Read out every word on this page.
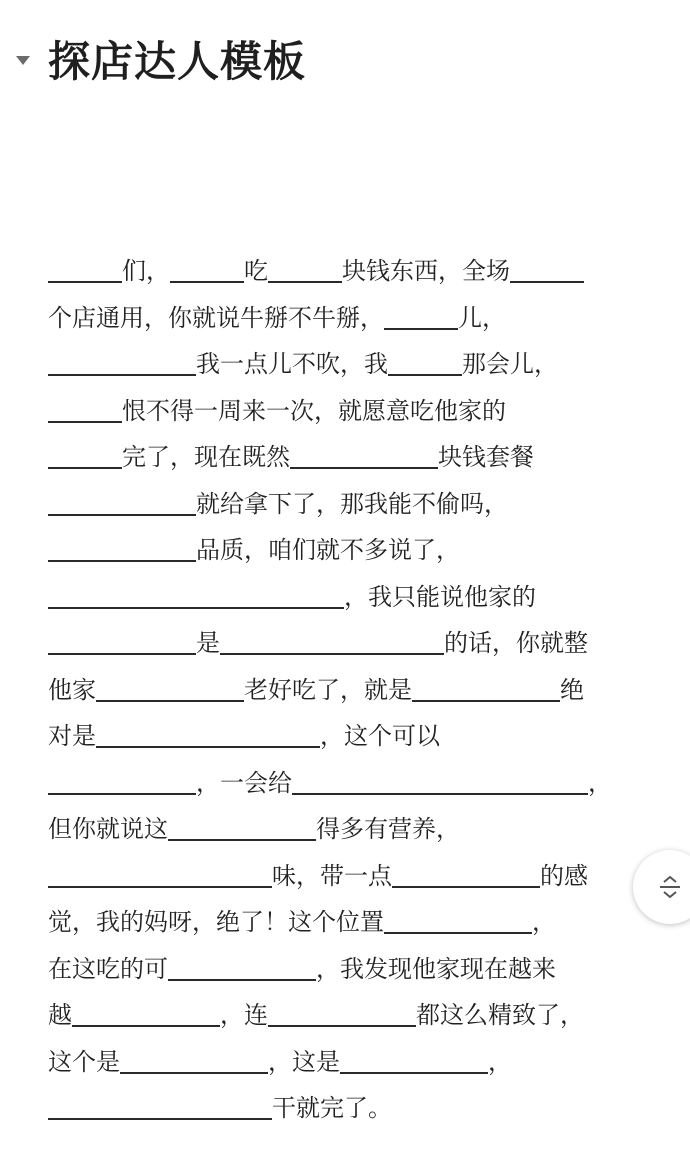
探店达人模板
们，	吃	块钱东西，全场
个店通用，你就说牛掰不牛掰，	儿，
我一点儿不吹，我	那会儿，
恨不得一周来一次，就愿意吃他家的
完了，现在既然	块钱套餐
就给拿下了，那我能不偷吗，
品质，咱们就不多说了，
，我只能说他家的
是	的话，你就整
他家	老好吃了，就是	绝
对是	，这个可以
，一会给	，
但你就说这	得多有营养，
味，带一点	的感
觉，我的妈呀，绝了！这个位置	，
在这吃的可	，我发现他家现在越来
越	，连	都这么精致了，
这个是	，这是	，
干就完了。
